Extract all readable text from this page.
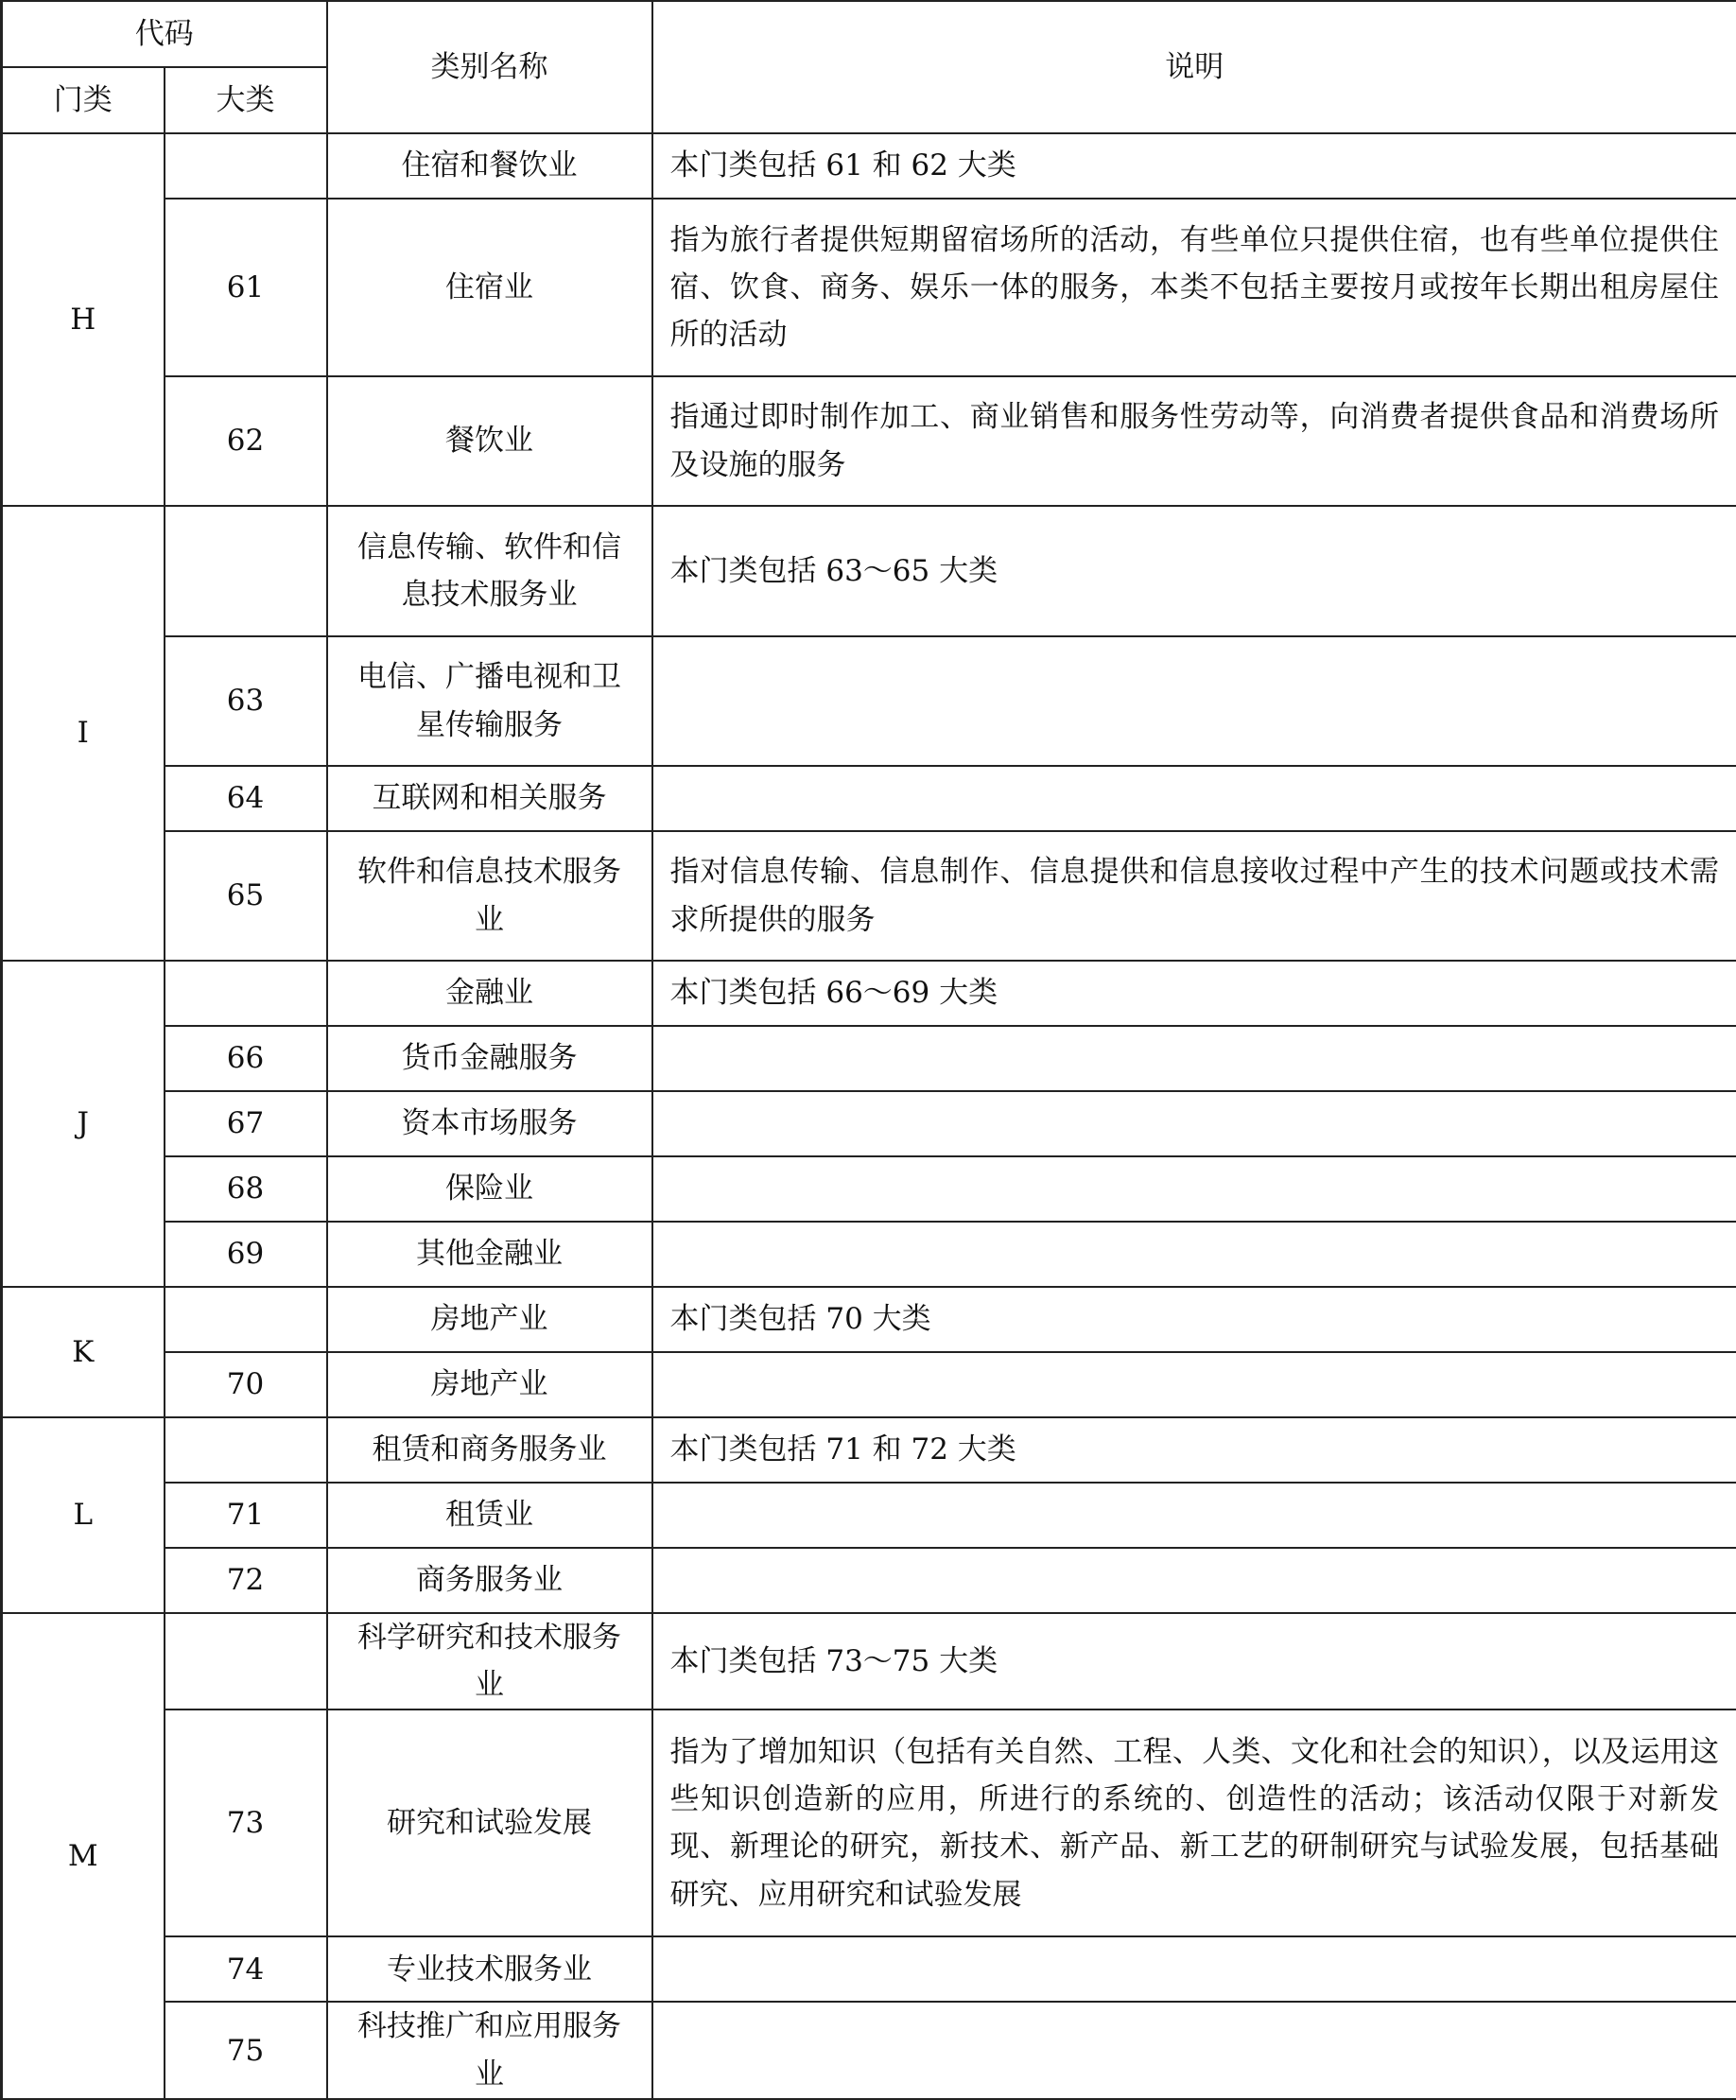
代码		类别名称	说明
门类	大类		
H		住宿和餐饮业	本门类包括 61 和 62 大类
	61	住宿业	指为旅行者提供短期留宿场所的活动，有些单位只提供住宿，也有些单位提供住宿、饮食、商务、娱乐一体的服务，本类不包括主要按月或按年长期出租房屋住所的活动
	62	餐饮业	指通过即时制作加工、商业销售和服务性劳动等，向消费者提供食品和消费场所及设施的服务
I		信息传输、软件和信息技术服务业	本门类包括 63～65 大类
	63	电信、广播电视和卫星传输服务	
	64	互联网和相关服务	
	65	软件和信息技术服务业	指对信息传输、信息制作、信息提供和信息接收过程中产生的技术问题或技术需求所提供的服务
J		金融业	本门类包括 66～69 大类
	66	货币金融服务	
	67	资本市场服务	
	68	保险业	
	69	其他金融业	
K		房地产业	本门类包括 70 大类
	70	房地产业	
L		租赁和商务服务业	本门类包括 71 和 72 大类
	71	租赁业	
	72	商务服务业	
M		科学研究和技术服务业	本门类包括 73～75 大类
	73	研究和试验发展	指为了增加知识（包括有关自然、工程、人类、文化和社会的知识），以及运用这些知识创造新的应用，所进行的系统的、创造性的活动；该活动仅限于对新发现、新理论的研究，新技术、新产品、新工艺的研制研究与试验发展，包括基础研究、应用研究和试验发展
	74	专业技术服务业	
	75	科技推广和应用服务业	
